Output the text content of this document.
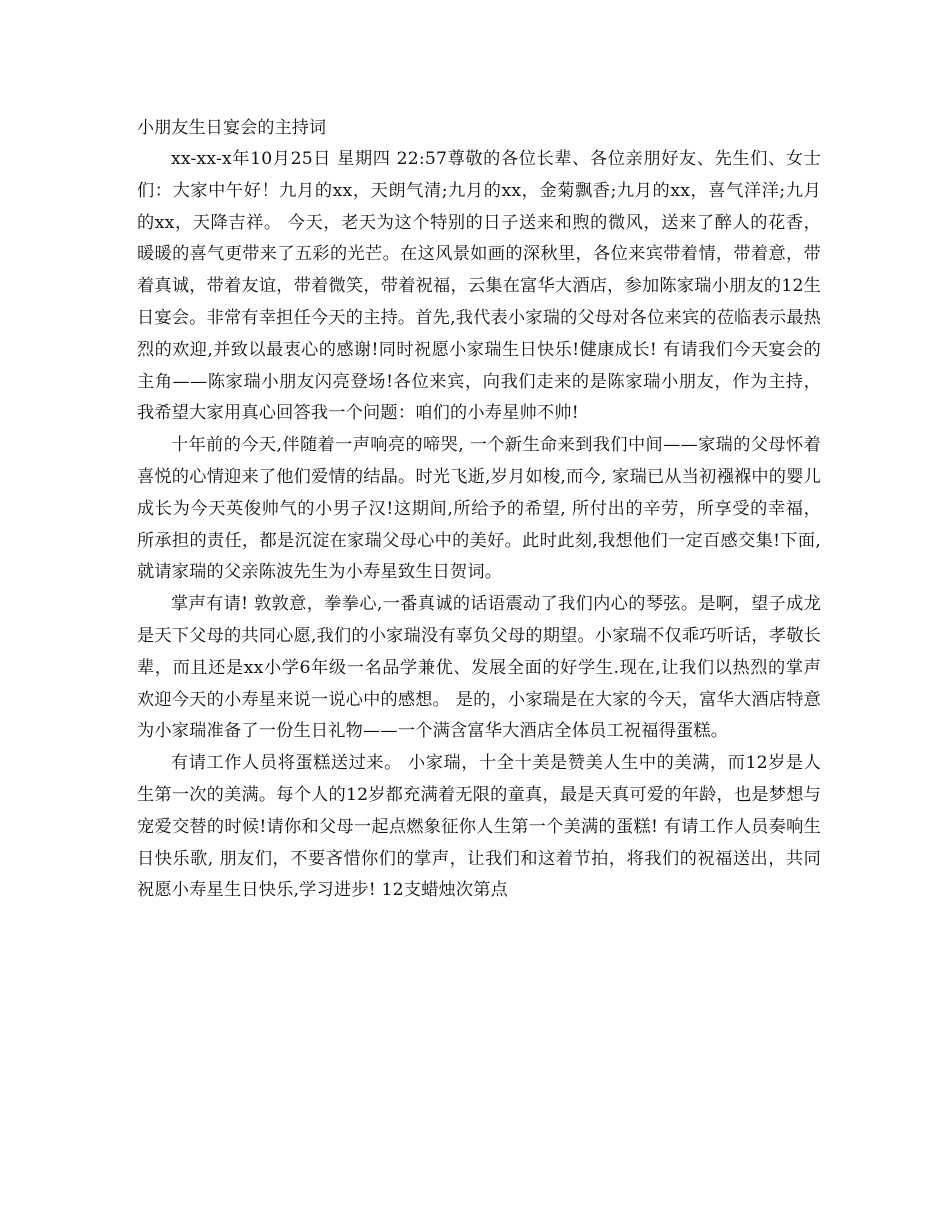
小朋友生日宴会的主持词

xx-xx-x年10月25日 星期四 22:57尊敬的各位长辈、各位亲朋好友、先生们、女士们：大家中午好！九月的xx，天朗气清;九月的xx，金菊飘香;九月的xx，喜气洋洋;九月的xx，天降吉祥。 今天，老天为这个特别的日子送来和煦的微风，送来了醉人的花香，暖暖的喜气更带来了五彩的光芒。在这风景如画的深秋里，各位来宾带着情，带着意，带着真诚，带着友谊，带着微笑，带着祝福，云集在富华大酒店，参加陈家瑞小朋友的12生日宴会。非常有幸担任今天的主持。首先,我代表小家瑞的父母对各位来宾的莅临表示最热烈的欢迎,并致以最衷心的感谢!同时祝愿小家瑞生日快乐!健康成长! 有请我们今天宴会的主角——陈家瑞小朋友闪亮登场!各位来宾，向我们走来的是陈家瑞小朋友，作为主持，我希望大家用真心回答我一个问题：咱们的小寿星帅不帅!

十年前的今天,伴随着一声响亮的啼哭, 一个新生命来到我们中间——家瑞的父母怀着喜悦的心情迎来了他们爱情的结晶。时光飞逝,岁月如梭,而今, 家瑞已从当初襁褓中的婴儿成长为今天英俊帅气的小男子汉!这期间,所给予的希望, 所付出的辛劳，所享受的幸福，所承担的责任，都是沉淀在家瑞父母心中的美好。此时此刻,我想他们一定百感交集!下面,就请家瑞的父亲陈波先生为小寿星致生日贺词。

掌声有请! 敦敦意，拳拳心,一番真诚的话语震动了我们内心的琴弦。是啊，望子成龙是天下父母的共同心愿,我们的小家瑞没有辜负父母的期望。小家瑞不仅乖巧听话，孝敬长辈，而且还是xx小学6年级一名品学兼优、发展全面的好学生.现在,让我们以热烈的掌声欢迎今天的小寿星来说一说心中的感想。 是的，小家瑞是在大家的今天，富华大酒店特意为小家瑞准备了一份生日礼物——一个满含富华大酒店全体员工祝福得蛋糕。

有请工作人员将蛋糕送过来。 小家瑞，十全十美是赞美人生中的美满，而12岁是人生第一次的美满。每个人的12岁都充满着无限的童真，最是天真可爱的年龄，也是梦想与宠爱交替的时候!请你和父母一起点燃象征你人生第一个美满的蛋糕! 有请工作人员奏响生日快乐歌, 朋友们，不要吝惜你们的掌声，让我们和这着节拍，将我们的祝福送出，共同祝愿小寿星生日快乐,学习进步! 12支蜡烛次第点
